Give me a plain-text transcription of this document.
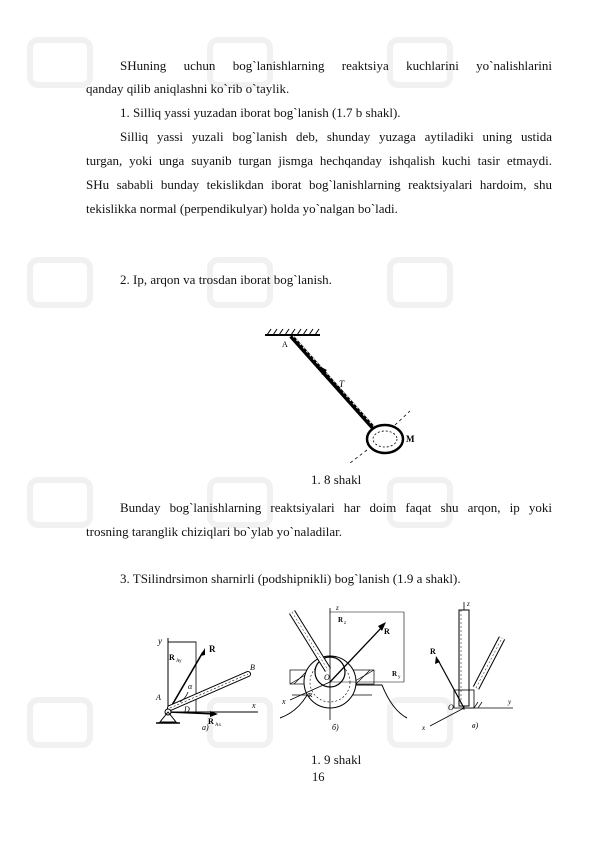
SHuning uchun bog`lanishlarning reaktsiya kuchlarini yo`nalishlarini

qanday qilib aniqlashni ko`rib o`taylik.

1. Silliq yassi yuzadan iborat bog`lanish (1.7 b shakl).

Silliq yassi yuzali bog`lanish deb, shunday yuzaga aytiladiki uning ustida

turgan, yoki unga suyanib turgan jismga hechqanday ishqalish kuchi tasir etmaydi.

SHu sababli bunday tekislikdan iborat bog`lanishlarning reaktsiyalari hardoim, shu

tekislikka normal (perpendikulyar) holda yo`nalgan bo`ladi.

2. Ip, arqon va trosdan iborat bog`lanish.

A
T
M

1. 8 shakl

Bunday bog`lanishlarning reaktsiyalari har doim faqat shu arqon, ip yoki

trosning taranglik chiziqlari bo`ylab yo`naladilar.

3. TSilindrsimon sharnirli (podshipnikli) bog`lanish (1.9 a shakl).

y
R Ay
R
α
B
A
D
R Ax
x
a)
z
R z
R
R y
O
x
R
б)
z
R
O
x
y
в)

1. 9 shakl

16
